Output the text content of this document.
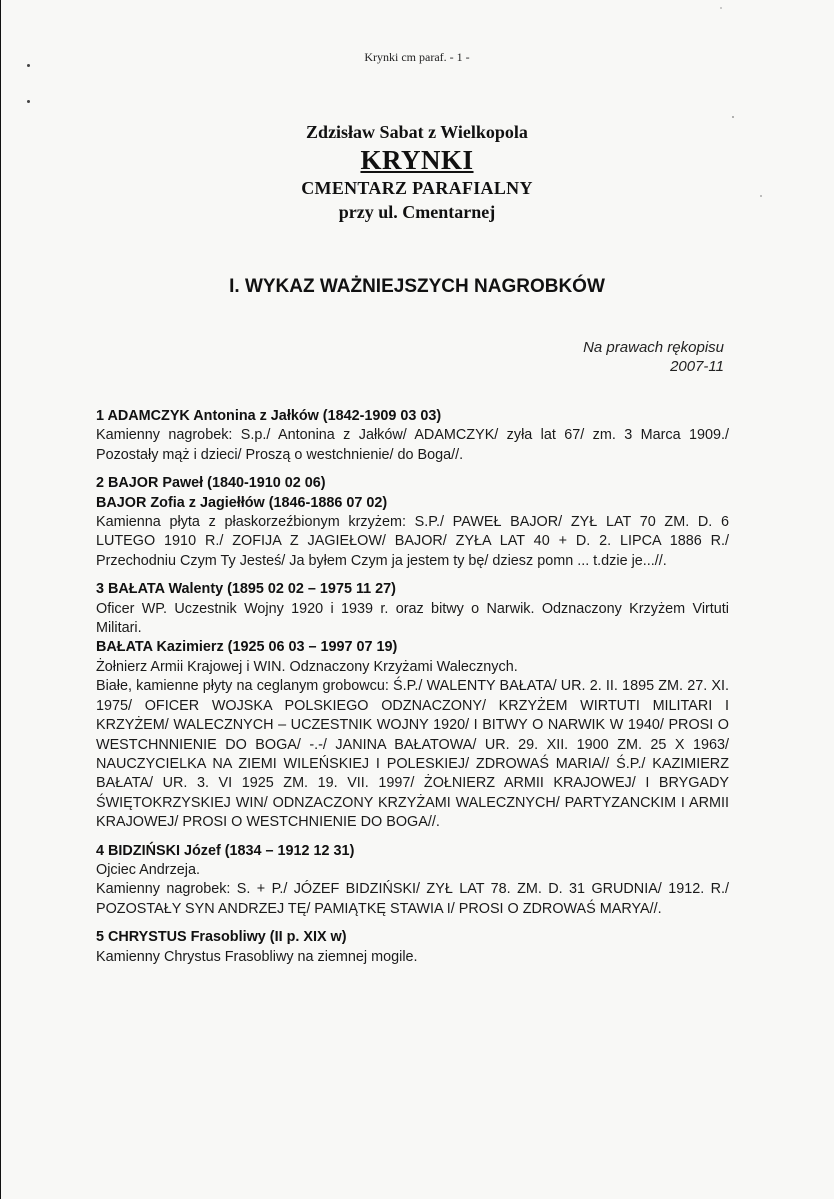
Krynki cm paraf. - 1 -
Zdzisław Sabat z Wielkopola
KRYNKI
CMENTARZ PARAFIALNY
przy ul. Cmentarnej
I. WYKAZ WAŻNIEJSZYCH NAGROBKÓW
Na prawach rękopisu
2007-11
1 ADAMCZYK Antonina z Jałków (1842-1909 03 03)
Kamienny nagrobek: S.p./ Antonina z Jałków/ ADAMCZYK/ zyła lat 67/ zm. 3 Marca 1909./ Pozostały mąż i dzieci/ Proszą o westchnienie/ do Boga//.
2 BAJOR Paweł (1840-1910 02 06)
BAJOR Zofia z Jagiełłów (1846-1886 07 02)
Kamienna płyta z płaskorzeźbionym krzyżem: S.P./ PAWEŁ BAJOR/ ZYŁ LAT 70 ZM. D. 6 LUTEGO 1910 R./ ZOFIJA Z JAGIEŁOW/ BAJOR/ ZYŁA LAT 40 + D. 2. LIPCA 1886 R./ Przechodniu Czym Ty Jesteś/ Ja byłem Czym ja jestem ty bę/ dziesz pomn ... t.dzie je...//.
3 BAŁATA Walenty (1895 02 02 – 1975 11 27)
Oficer WP. Uczestnik Wojny 1920 i 1939 r. oraz bitwy o Narwik. Odznaczony Krzyżem Virtuti Militari.
BAŁATA Kazimierz (1925 06 03 – 1997 07 19)
Żołnierz Armii Krajowej i WIN. Odznaczony Krzyżami Walecznych.
Białe, kamienne płyty na ceglanym grobowcu: Ś.P./ WALENTY BAŁATA/ UR. 2. II. 1895 ZM. 27. XI. 1975/ OFICER WOJSKA POLSKIEGO ODZNACZONY/ KRZYŻEM WIRTUTI MILITARI I KRZYŻEM/ WALECZNYCH – UCZESTNIK WOJNY 1920/ I BITWY O NARWIK W 1940/ PROSI O WESTCHNNIENIE DO BOGA/ -.-/ JANINA BAŁATOWA/ UR. 29. XII. 1900 ZM. 25 X 1963/ NAUCZYCIELKA NA ZIEMI WILEŃSKIEJ I POLESKIEJ/ ZDROWAŚ MARIA// Ś.P./ KAZIMIERZ BAŁATA/ UR. 3. VI 1925 ZM. 19. VII. 1997/ ŻOŁNIERZ ARMII KRAJOWEJ/ I BRYGADY ŚWIĘTOKRZYSKIEJ WIN/ ODNZACZONY KRZYŻAMI WALECZNYCH/ PARTYZANCKIM I ARMII KRAJOWEJ/ PROSI O WESTCHNIENIE DO BOGA//.
4 BIDZIŃSKI Józef (1834 – 1912 12 31)
Ojciec Andrzeja.
Kamienny nagrobek: S. + P./ JÓZEF BIDZIŃSKI/ ZYŁ LAT 78. ZM. D. 31 GRUDNIA/ 1912. R./ POZOSTAŁY SYN ANDRZEJ TĘ/ PAMIĄTKĘ STAWIA I/ PROSI O ZDROWAŚ MARYA//.
5 CHRYSTUS Frasobliwy (II p. XIX w)
Kamienny Chrystus Frasobliwy na ziemnej mogile.
